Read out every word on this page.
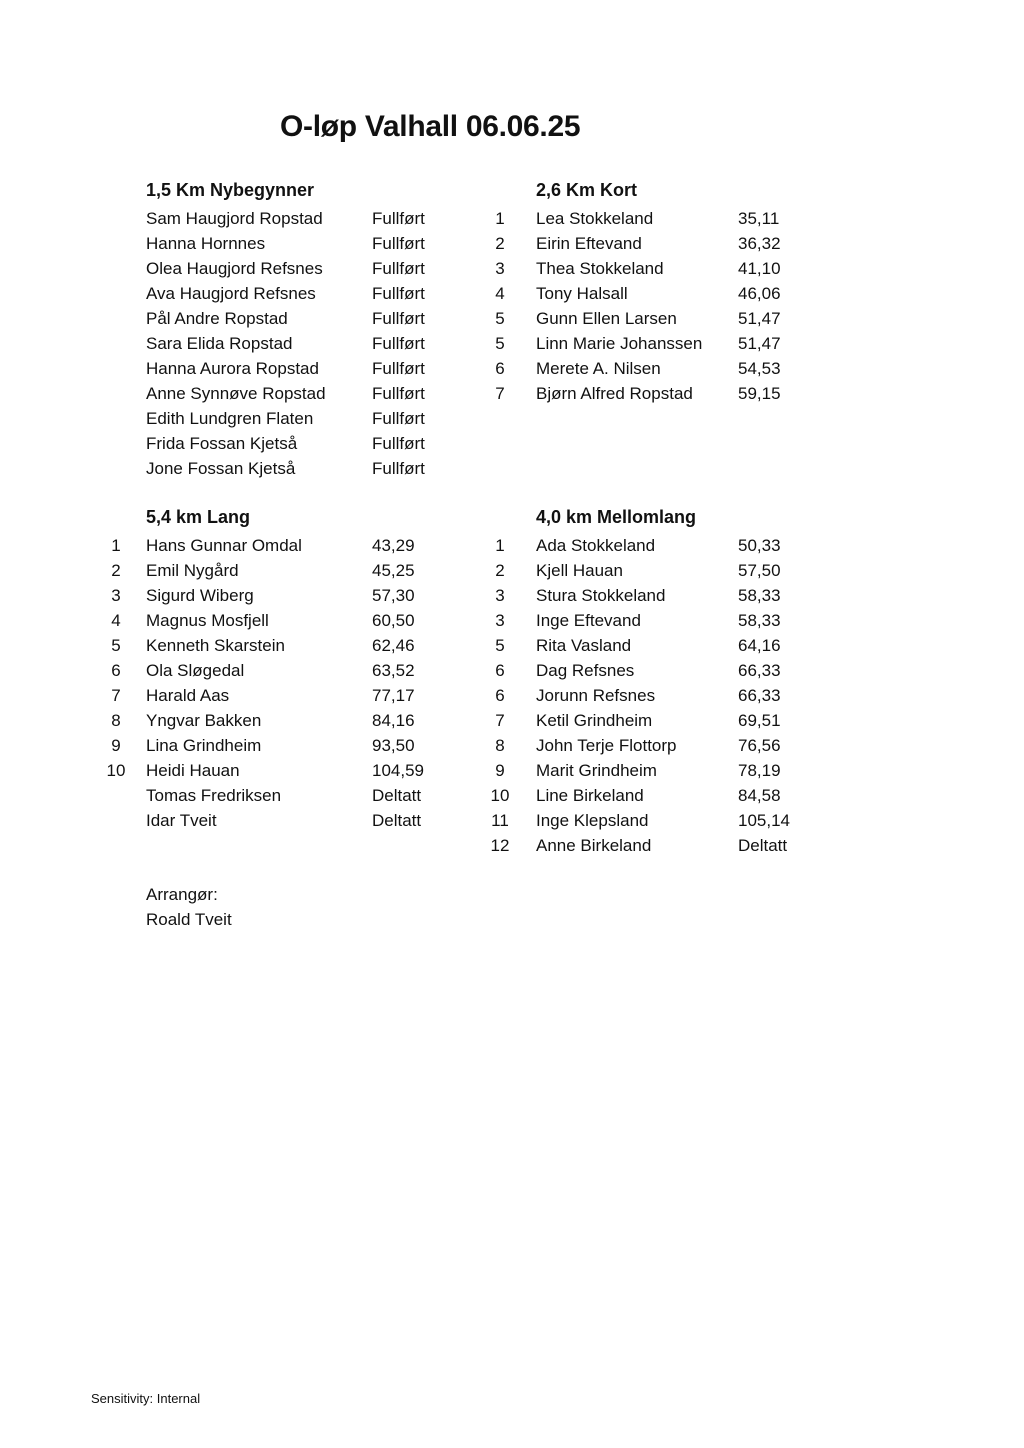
O-løp Valhall 06.06.25
1,5 Km Nybegynner
Sam Haugjord Ropstad	Fullført
Hanna Hornnes	Fullført
Olea Haugjord Refsnes	Fullført
Ava Haugjord Refsnes	Fullført
Pål Andre Ropstad	Fullført
Sara Elida Ropstad	Fullført
Hanna Aurora Ropstad	Fullført
Anne Synnøve Ropstad	Fullført
Edith Lundgren Flaten	Fullført
Frida Fossan Kjetså	Fullført
Jone Fossan Kjetså	Fullført
2,6 Km Kort
1	Lea Stokkeland	35,11
2	Eirin Eftevand	36,32
3	Thea Stokkeland	41,10
4	Tony Halsall	46,06
5	Gunn Ellen Larsen	51,47
5	Linn Marie Johanssen 51,47
6	Merete A. Nilsen	54,53
7	Bjørn Alfred Ropstad	59,15
5,4 km Lang
1	Hans Gunnar Omdal	43,29
2	Emil Nygård	45,25
3	Sigurd Wiberg	57,30
4	Magnus Mosfjell	60,50
5	Kenneth Skarstein	62,46
6	Ola Sløgedal	63,52
7	Harald Aas	77,17
8	Yngvar Bakken	84,16
9	Lina Grindheim	93,50
10	Heidi Hauan	104,59
Tomas Fredriksen	Deltatt
Idar Tveit	Deltatt
4,0 km Mellomlang
1	Ada Stokkeland	50,33
2	Kjell Hauan	57,50
3	Stura Stokkeland	58,33
3	Inge Eftevand	58,33
5	Rita Vasland	64,16
6	Dag Refsnes	66,33
6	Jorunn Refsnes	66,33
7	Ketil Grindheim	69,51
8	John Terje Flottorp	76,56
9	Marit Grindheim	78,19
10	Line Birkeland	84,58
11	Inge Klepsland	105,14
12	Anne Birkeland	Deltatt
Arrangør:
Roald Tveit
Sensitivity: Internal
